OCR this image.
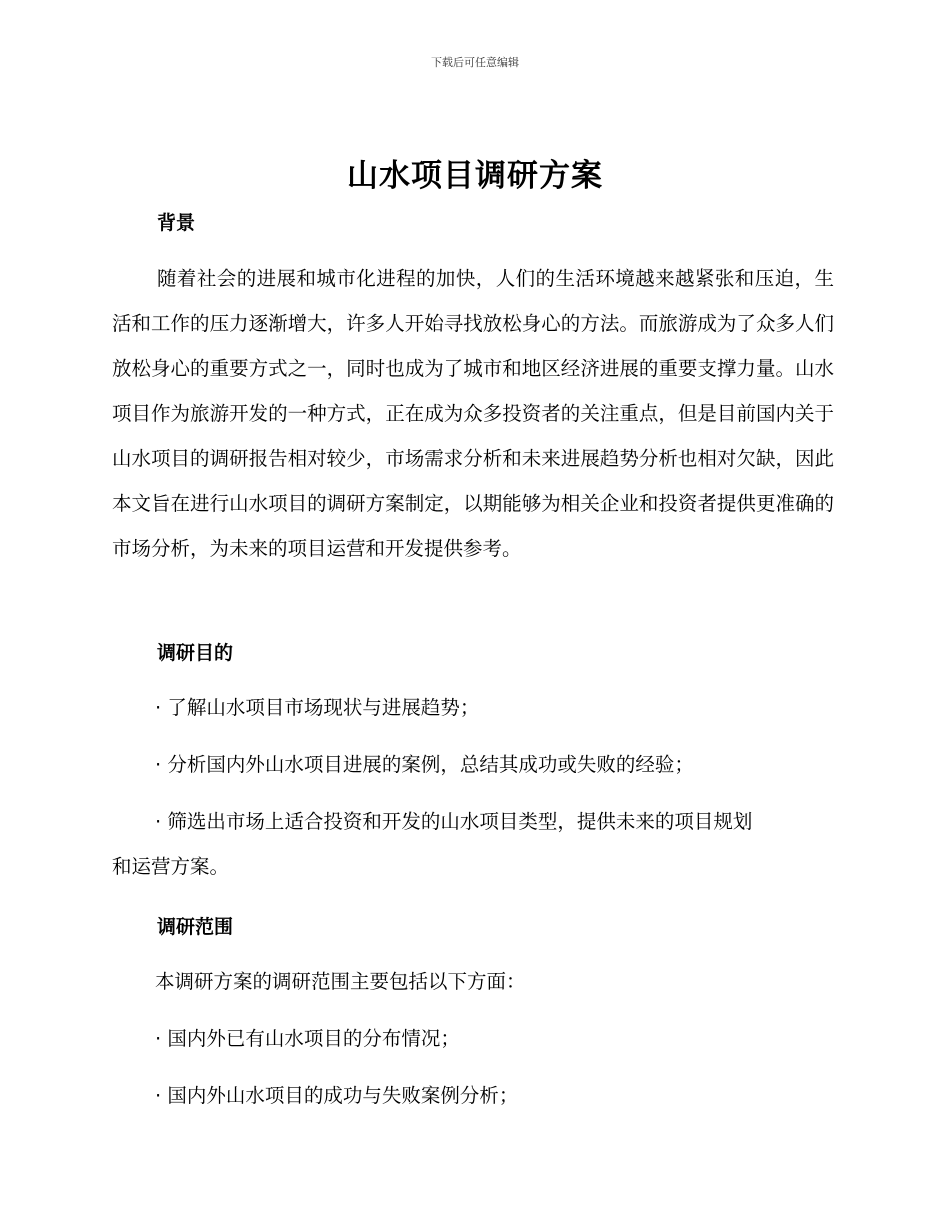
下载后可任意编辑
山水项目调研方案
背景

随着社会的进展和城市化进程的加快，人们的生活环境越来越紧张和压迫，生活和工作的压力逐渐增大，许多人开始寻找放松身心的方法。而旅游成为了众多人们放松身心的重要方式之一，同时也成为了城市和地区经济进展的重要支撑力量。山水项目作为旅游开发的一种方式，正在成为众多投资者的关注重点，但是目前国内关于山水项目的调研报告相对较少，市场需求分析和未来进展趋势分析也相对欠缺，因此本文旨在进行山水项目的调研方案制定，以期能够为相关企业和投资者提供更准确的市场分析，为未来的项目运营和开发提供参考。

调研目的
· 了解山水项目市场现状与进展趋势；
· 分析国内外山水项目进展的案例，总结其成功或失败的经验；
· 筛选出市场上适合投资和开发的山水项目类型，提供未来的项目规划
和运营方案。
调研范围
本调研方案的调研范围主要包括以下方面：
· 国内外已有山水项目的分布情况；
· 国内外山水项目的成功与失败案例分析；
